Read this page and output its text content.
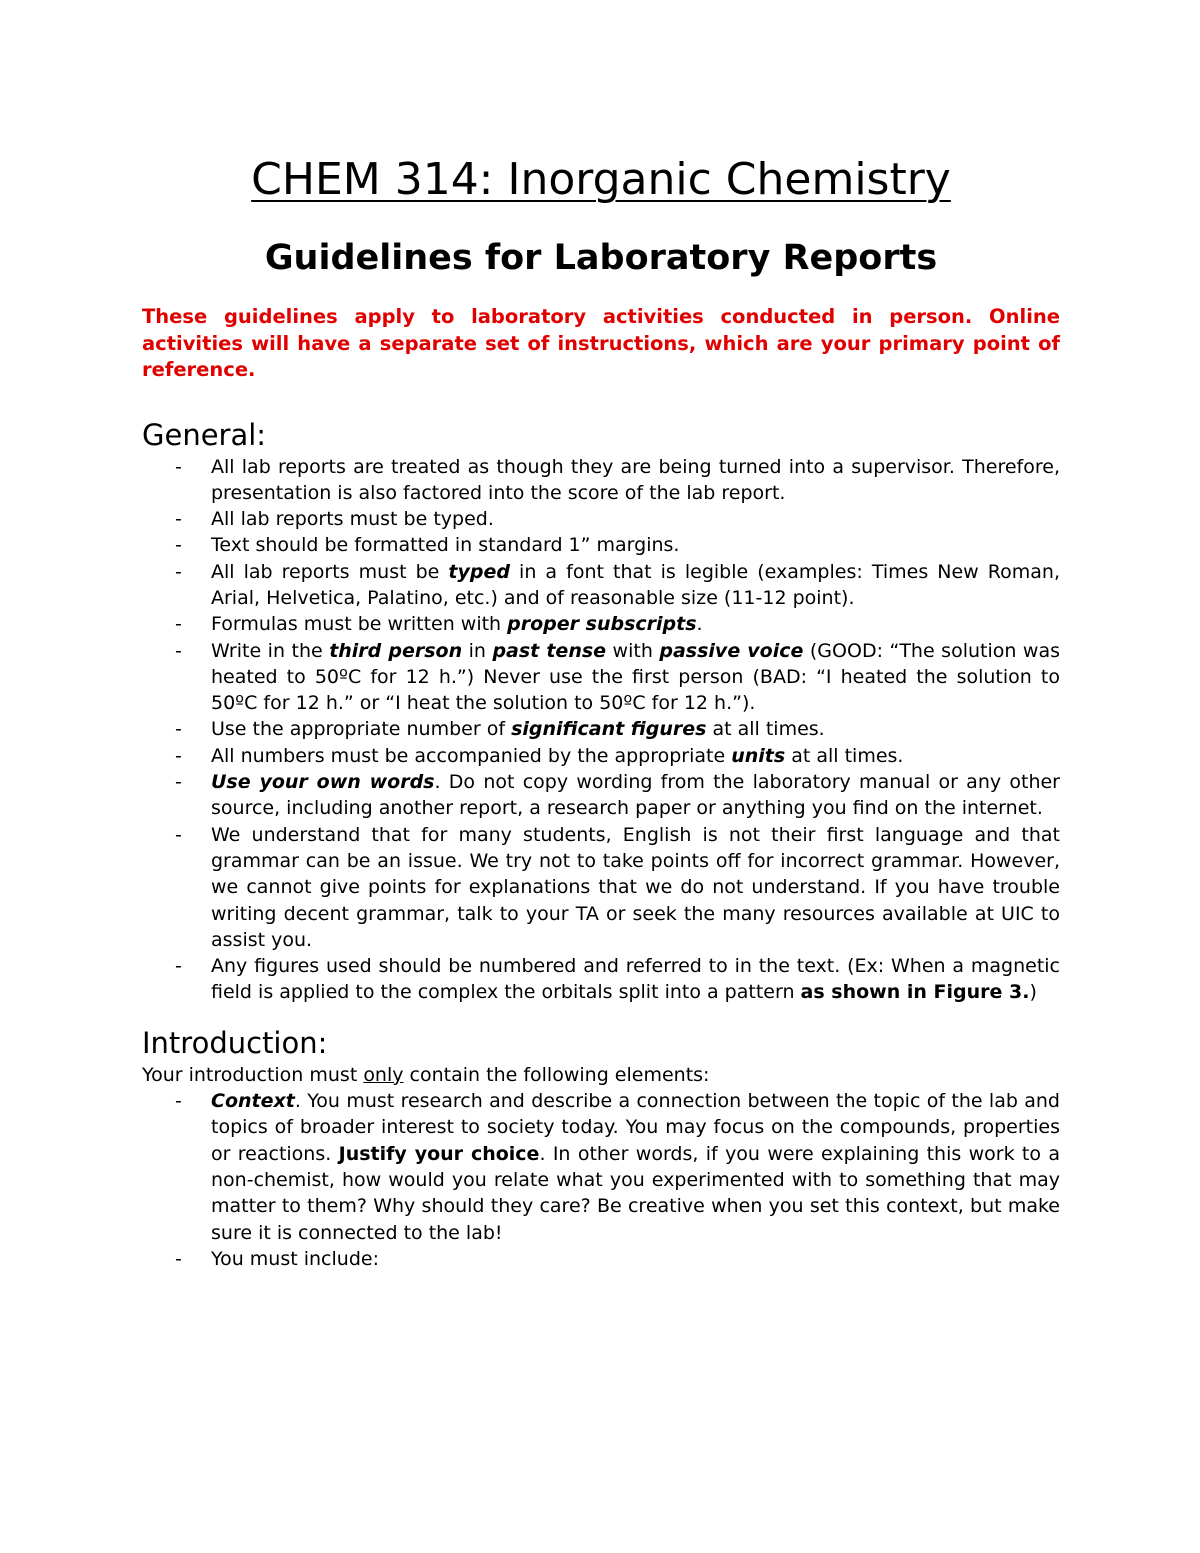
CHEM 314: Inorganic Chemistry
Guidelines for Laboratory Reports

These guidelines apply to laboratory activities conducted in person. Online activities will have a separate set of instructions, which are your primary point of reference.

General:
- All lab reports are treated as though they are being turned into a supervisor. Therefore, presentation is also factored into the score of the lab report.
- All lab reports must be typed.
- Text should be formatted in standard 1” margins.
- All lab reports must be typed in a font that is legible (examples: Times New Roman, Arial, Helvetica, Palatino, etc.) and of reasonable size (11-12 point).
- Formulas must be written with proper subscripts.
- Write in the third person in past tense with passive voice (GOOD: “The solution was heated to 50ºC for 12 h.”) Never use the first person (BAD: “I heated the solution to 50ºC for 12 h.” or “I heat the solution to 50ºC for 12 h.”).
- Use the appropriate number of significant figures at all times.
- All numbers must be accompanied by the appropriate units at all times.
- Use your own words. Do not copy wording from the laboratory manual or any other source, including another report, a research paper or anything you find on the internet.
- We understand that for many students, English is not their first language and that grammar can be an issue. We try not to take points off for incorrect grammar. However, we cannot give points for explanations that we do not understand. If you have trouble writing decent grammar, talk to your TA or seek the many resources available at UIC to assist you.
- Any figures used should be numbered and referred to in the text. (Ex: When a magnetic field is applied to the complex the orbitals split into a pattern as shown in Figure 3.)
Introduction:

Your introduction must only contain the following elements:

- Context. You must research and describe a connection between the topic of the lab and topics of broader interest to society today. You may focus on the compounds, properties or reactions. Justify your choice. In other words, if you were explaining this work to a non-chemist, how would you relate what you experimented with to something that may matter to them? Why should they care? Be creative when you set this context, but make sure it is connected to the lab!
- You must include:
